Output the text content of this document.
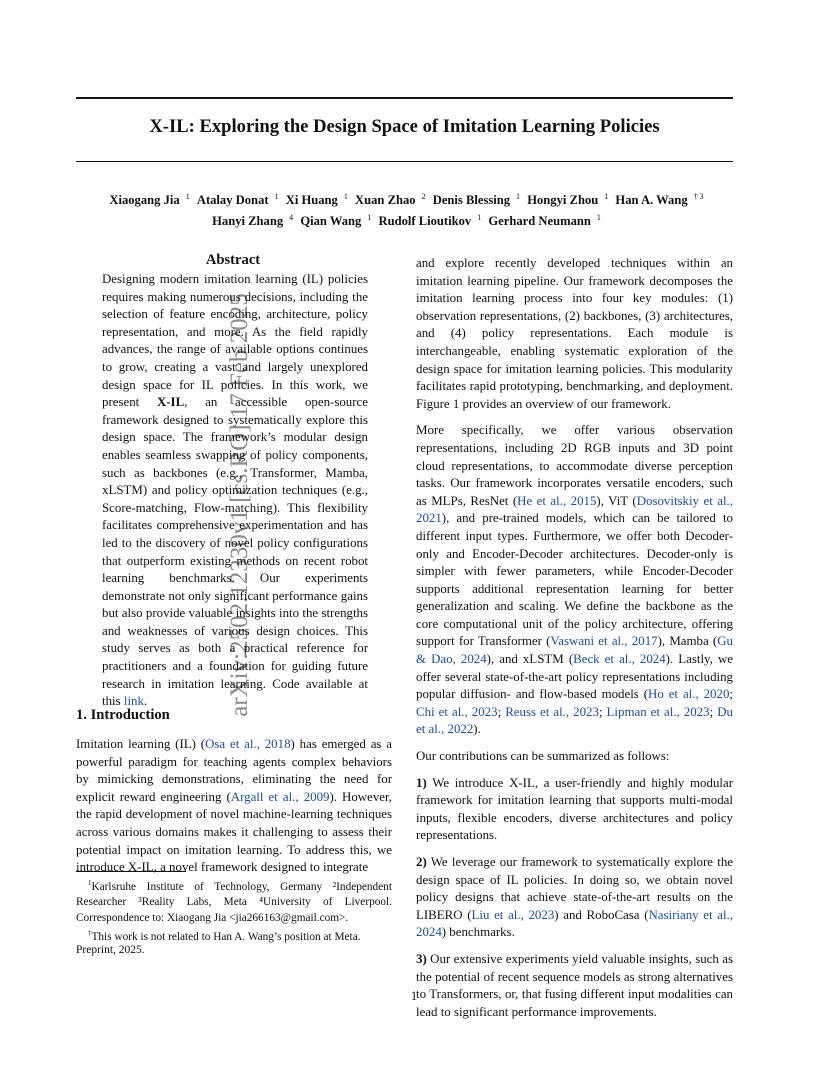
X-IL: Exploring the Design Space of Imitation Learning Policies
Xiaogang Jia $^1$ Atalay Donat $^1$ Xi Huang $^1$ Xuan Zhao $^2$ Denis Blessing $^1$ Hongyi Zhou $^1$ Han A. Wang $^{\dagger 3}$
Hanyi Zhang $^4$ Qian Wang $^1$ Rudolf Lioutikov $^1$ Gerhard Neumann $^1$
arXiv:2502.12330v1 [cs.RO] 17 Feb 2025
Abstract
Designing modern imitation learning (IL) policies requires making numerous decisions, including the selection of feature encoding, architecture, policy representation, and more. As the field rapidly advances, the range of available options continues to grow, creating a vast and largely unexplored design space for IL policies. In this work, we present X-IL, an accessible open-source framework designed to systematically explore this design space. The framework’s modular design enables seamless swapping of policy components, such as backbones (e.g., Transformer, Mamba, xLSTM) and policy optimization techniques (e.g., Score-matching, Flow-matching). This flexibility facilitates comprehensive experimentation and has led to the discovery of novel policy configurations that outperform existing methods on recent robot learning benchmarks. Our experiments demonstrate not only significant performance gains but also provide valuable insights into the strengths and weaknesses of various design choices. This study serves as both a practical reference for practitioners and a foundation for guiding future research in imitation learning. Code available at this link.
1. Introduction
Imitation learning (IL) (Osa et al., 2018) has emerged as a powerful paradigm for teaching agents complex behaviors by mimicking demonstrations, eliminating the need for explicit reward engineering (Argall et al., 2009). However, the rapid development of novel machine-learning techniques across various domains makes it challenging to assess their potential impact on imitation learning. To address this, we introduce X-IL, a novel framework designed to integrate

$^1$Karlsruhe Institute of Technology, Germany ²Independent Researcher ³Reality Labs, Meta ⁴University of Liverpool. Correspondence to: Xiaogang Jia <jia266163@gmail.com>.

†This work is not related to Han A. Wang’s position at Meta.

Preprint, 2025.

and explore recently developed techniques within an imitation learning pipeline. Our framework decomposes the imitation learning process into four key modules: (1) observation representations, (2) backbones, (3) architectures, and (4) policy representations. Each module is interchangeable, enabling systematic exploration of the design space for imitation learning policies. This modularity facilitates rapid prototyping, benchmarking, and deployment. Figure 1 provides an overview of our framework.

More specifically, we offer various observation representations, including 2D RGB inputs and 3D point cloud representations, to accommodate diverse perception tasks. Our framework incorporates versatile encoders, such as MLPs, ResNet (He et al., 2015), ViT (Dosovitskiy et al., 2021), and pre-trained models, which can be tailored to different input types. Furthermore, we offer both Decoder-only and Encoder-Decoder architectures. Decoder-only is simpler with fewer parameters, while Encoder-Decoder supports additional representation learning for better generalization and scaling. We define the backbone as the core computational unit of the policy architecture, offering support for Transformer (Vaswani et al., 2017), Mamba (Gu & Dao, 2024), and xLSTM (Beck et al., 2024). Lastly, we offer several state-of-the-art policy representations including popular diffusion- and flow-based models (Ho et al., 2020; Chi et al., 2023; Reuss et al., 2023; Lipman et al., 2023; Du et al., 2022).

Our contributions can be summarized as follows:

1) We introduce X-IL, a user-friendly and highly modular framework for imitation learning that supports multi-modal inputs, flexible encoders, diverse architectures and policy representations.

2) We leverage our framework to systematically explore the design space of IL policies. In doing so, we obtain novel policy designs that achieve state-of-the-art results on the LIBERO (Liu et al., 2023) and RoboCasa (Nasiriany et al., 2024) benchmarks.

3) Our extensive experiments yield valuable insights, such as the potential of recent sequence models as strong alternatives to Transformers, or, that fusing different input modalities can lead to significant performance improvements.

1
